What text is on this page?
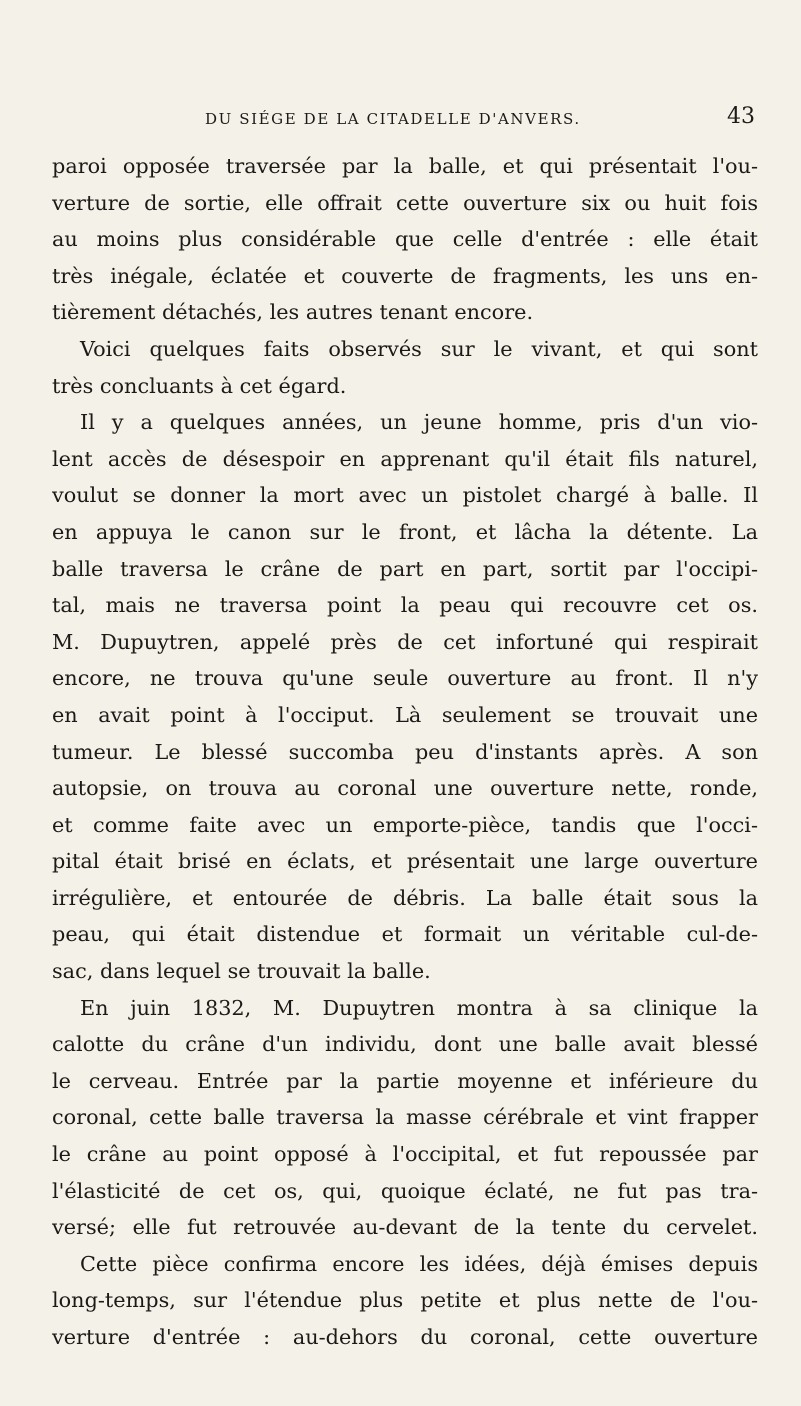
DU SIÉGE DE LA CITADELLE D'ANVERS.	43
paroi opposée traversée par la balle, et qui présentait l'ou-
verture de sortie, elle offrait cette ouverture six ou huit fois
au moins plus considérable que celle d'entrée : elle était
très inégale, éclatée et couverte de fragments, les uns en-
tièrement détachés, les autres tenant encore.
Voici quelques faits observés sur le vivant, et qui sont
très concluants à cet égard.
Il y a quelques années, un jeune homme, pris d'un vio-
lent accès de désespoir en apprenant qu'il était fils naturel,
voulut se donner la mort avec un pistolet chargé à balle. Il
en appuya le canon sur le front, et lâcha la détente. La
balle traversa le crâne de part en part, sortit par l'occipi-
tal, mais ne traversa point la peau qui recouvre cet os.
M. Dupuytren, appelé près de cet infortuné qui respirait
encore, ne trouva qu'une seule ouverture au front. Il n'y
en avait point à l'occiput. Là seulement se trouvait une
tumeur. Le blessé succomba peu d'instants après. A son
autopsie, on trouva au coronal une ouverture nette, ronde,
et comme faite avec un emporte-pièce, tandis que l'occi-
pital était brisé en éclats, et présentait une large ouverture
irrégulière, et entourée de débris. La balle était sous la
peau, qui était distendue et formait un véritable cul-de-
sac, dans lequel se trouvait la balle.
En juin 1832, M. Dupuytren montra à sa clinique la
calotte du crâne d'un individu, dont une balle avait blessé
le cerveau. Entrée par la partie moyenne et inférieure du
coronal, cette balle traversa la masse cérébrale et vint frapper
le crâne au point opposé à l'occipital, et fut repoussée par
l'élasticité de cet os, qui, quoique éclaté, ne fut pas tra-
versé; elle fut retrouvée au-devant de la tente du cervelet.
Cette pièce confirma encore les idées, déjà émises depuis
long-temps, sur l'étendue plus petite et plus nette de l'ou-
verture d'entrée : au-dehors du coronal, cette ouverture
